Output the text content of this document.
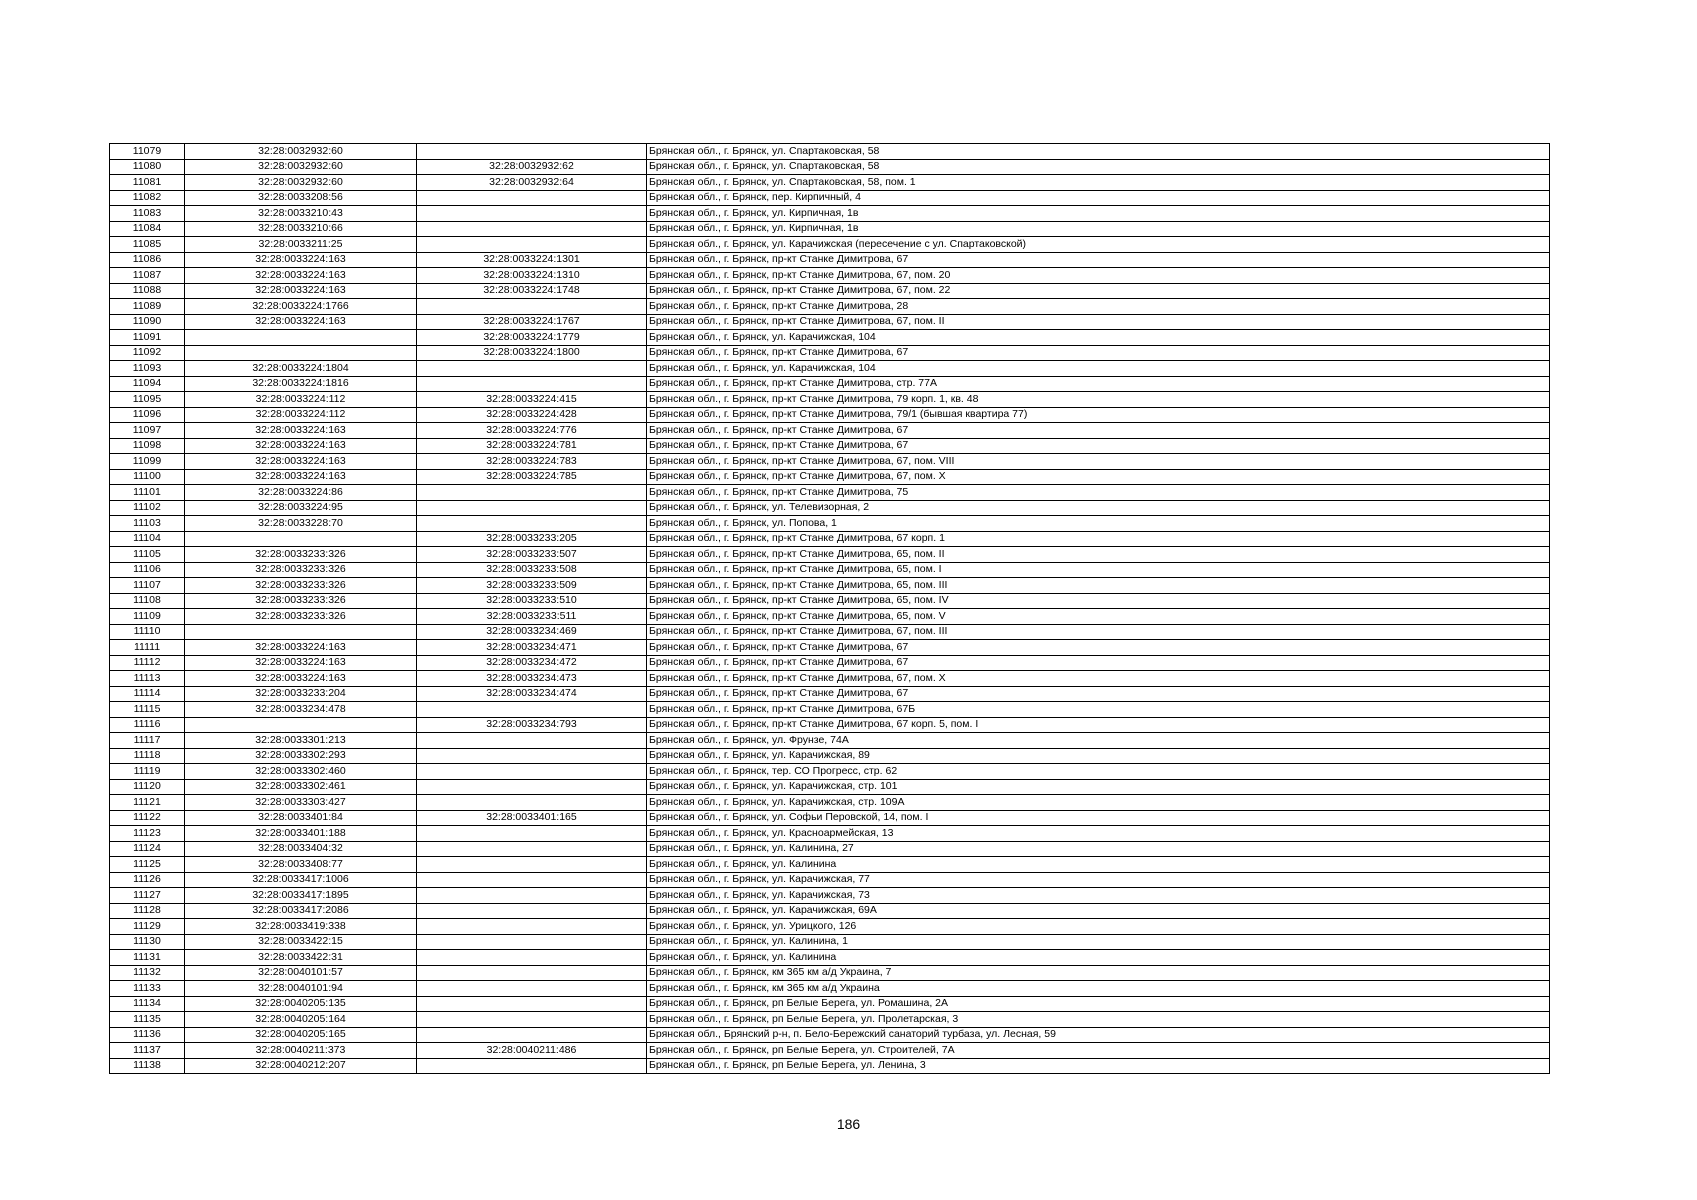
11079	32:28:0032932:60		Брянская обл., г. Брянск, ул. Спартаковская, 58
11080	32:28:0032932:60	32:28:0032932:62	Брянская обл., г. Брянск, ул. Спартаковская, 58
11081	32:28:0032932:60	32:28:0032932:64	Брянская обл., г. Брянск, ул. Спартаковская, 58, пом. 1
11082	32:28:0033208:56		Брянская обл., г. Брянск, пер. Кирпичный, 4
11083	32:28:0033210:43		Брянская обл., г. Брянск, ул. Кирпичная, 1в
11084	32:28:0033210:66		Брянская обл., г. Брянск, ул. Кирпичная, 1в
11085	32:28:0033211:25		Брянская обл., г. Брянск, ул. Карачижская (пересечение с ул. Спартаковской)
11086	32:28:0033224:163	32:28:0033224:1301	Брянская обл., г. Брянск, пр-кт Станке Димитрова, 67
11087	32:28:0033224:163	32:28:0033224:1310	Брянская обл., г. Брянск, пр-кт Станке Димитрова, 67, пом. 20
11088	32:28:0033224:163	32:28:0033224:1748	Брянская обл., г. Брянск, пр-кт Станке Димитрова, 67, пом. 22
11089	32:28:0033224:1766		Брянская обл., г. Брянск, пр-кт Станке Димитрова, 28
11090	32:28:0033224:163	32:28:0033224:1767	Брянская обл., г. Брянск, пр-кт Станке Димитрова, 67, пом. II
11091		32:28:0033224:1779	Брянская обл., г. Брянск, ул. Карачижская, 104
11092		32:28:0033224:1800	Брянская обл., г. Брянск, пр-кт Станке Димитрова, 67
11093	32:28:0033224:1804		Брянская обл., г. Брянск, ул. Карачижская, 104
11094	32:28:0033224:1816		Брянская обл., г. Брянск, пр-кт Станке Димитрова, стр. 77А
11095	32:28:0033224:112	32:28:0033224:415	Брянская обл., г. Брянск, пр-кт Станке Димитрова, 79 корп. 1, кв. 48
11096	32:28:0033224:112	32:28:0033224:428	Брянская обл., г. Брянск, пр-кт Станке Димитрова, 79/1 (бывшая квартира 77)
11097	32:28:0033224:163	32:28:0033224:776	Брянская обл., г. Брянск, пр-кт Станке Димитрова, 67
11098	32:28:0033224:163	32:28:0033224:781	Брянская обл., г. Брянск, пр-кт Станке Димитрова, 67
11099	32:28:0033224:163	32:28:0033224:783	Брянская обл., г. Брянск, пр-кт Станке Димитрова, 67, пом. VIII
11100	32:28:0033224:163	32:28:0033224:785	Брянская обл., г. Брянск, пр-кт Станке Димитрова, 67, пом. X
11101	32:28:0033224:86		Брянская обл., г. Брянск, пр-кт Станке Димитрова, 75
11102	32:28:0033224:95		Брянская обл., г. Брянск, ул. Телевизорная, 2
11103	32:28:0033228:70		Брянская обл., г. Брянск, ул. Попова, 1
11104		32:28:0033233:205	Брянская обл., г. Брянск, пр-кт Станке Димитрова, 67 корп. 1
11105	32:28:0033233:326	32:28:0033233:507	Брянская обл., г. Брянск, пр-кт Станке Димитрова, 65, пом. II
11106	32:28:0033233:326	32:28:0033233:508	Брянская обл., г. Брянск, пр-кт Станке Димитрова, 65, пом. I
11107	32:28:0033233:326	32:28:0033233:509	Брянская обл., г. Брянск, пр-кт Станке Димитрова, 65, пом. III
11108	32:28:0033233:326	32:28:0033233:510	Брянская обл., г. Брянск, пр-кт Станке Димитрова, 65, пом. IV
11109	32:28:0033233:326	32:28:0033233:511	Брянская обл., г. Брянск, пр-кт Станке Димитрова, 65, пом. V
11110		32:28:0033234:469	Брянская обл., г. Брянск, пр-кт Станке Димитрова, 67, пом. III
11111	32:28:0033224:163	32:28:0033234:471	Брянская обл., г. Брянск, пр-кт Станке Димитрова, 67
11112	32:28:0033224:163	32:28:0033234:472	Брянская обл., г. Брянск, пр-кт Станке Димитрова, 67
11113	32:28:0033224:163	32:28:0033234:473	Брянская обл., г. Брянск, пр-кт Станке Димитрова, 67, пом. X
11114	32:28:0033233:204	32:28:0033234:474	Брянская обл., г. Брянск, пр-кт Станке Димитрова, 67
11115	32:28:0033234:478		Брянская обл., г. Брянск, пр-кт Станке Димитрова, 67Б
11116		32:28:0033234:793	Брянская обл., г. Брянск, пр-кт Станке Димитрова, 67 корп. 5, пом. I
11117	32:28:0033301:213		Брянская обл., г. Брянск, ул. Фрунзе, 74А
11118	32:28:0033302:293		Брянская обл., г. Брянск, ул. Карачижская, 89
11119	32:28:0033302:460		Брянская обл., г. Брянск, тер. СО Прогресс, стр. 62
11120	32:28:0033302:461		Брянская обл., г. Брянск, ул. Карачижская, стр. 101
11121	32:28:0033303:427		Брянская обл., г. Брянск, ул. Карачижская, стр. 109А
11122	32:28:0033401:84	32:28:0033401:165	Брянская обл., г. Брянск, ул. Софьи Перовской, 14, пом. I
11123	32:28:0033401:188		Брянская обл., г. Брянск, ул. Красноармейская, 13
11124	32:28:0033404:32		Брянская обл., г. Брянск, ул. Калинина, 27
11125	32:28:0033408:77		Брянская обл., г. Брянск, ул. Калинина
11126	32:28:0033417:1006		Брянская обл., г. Брянск, ул. Карачижская, 77
11127	32:28:0033417:1895		Брянская обл., г. Брянск, ул. Карачижская, 73
11128	32:28:0033417:2086		Брянская обл., г. Брянск, ул. Карачижская, 69А
11129	32:28:0033419:338		Брянская обл., г. Брянск, ул. Урицкого, 126
11130	32:28:0033422:15		Брянская обл., г. Брянск, ул. Калинина, 1
11131	32:28:0033422:31		Брянская обл., г. Брянск, ул. Калинина
11132	32:28:0040101:57		Брянская обл., г. Брянск, км 365 км а/д Украина, 7
11133	32:28:0040101:94		Брянская обл., г. Брянск, км 365 км а/д Украина
11134	32:28:0040205:135		Брянская обл., г. Брянск, рп Белые Берега, ул. Ромашина, 2А
11135	32:28:0040205:164		Брянская обл., г. Брянск, рп Белые Берега, ул. Пролетарская, 3
11136	32:28:0040205:165		Брянская обл., Брянский р-н, п. Бело-Бережский санаторий турбаза, ул. Лесная, 59
11137	32:28:0040211:373	32:28:0040211:486	Брянская обл., г. Брянск, рп Белые Берега, ул. Строителей, 7А
11138	32:28:0040212:207		Брянская обл., г. Брянск, рп Белые Берега, ул. Ленина, 3
186
